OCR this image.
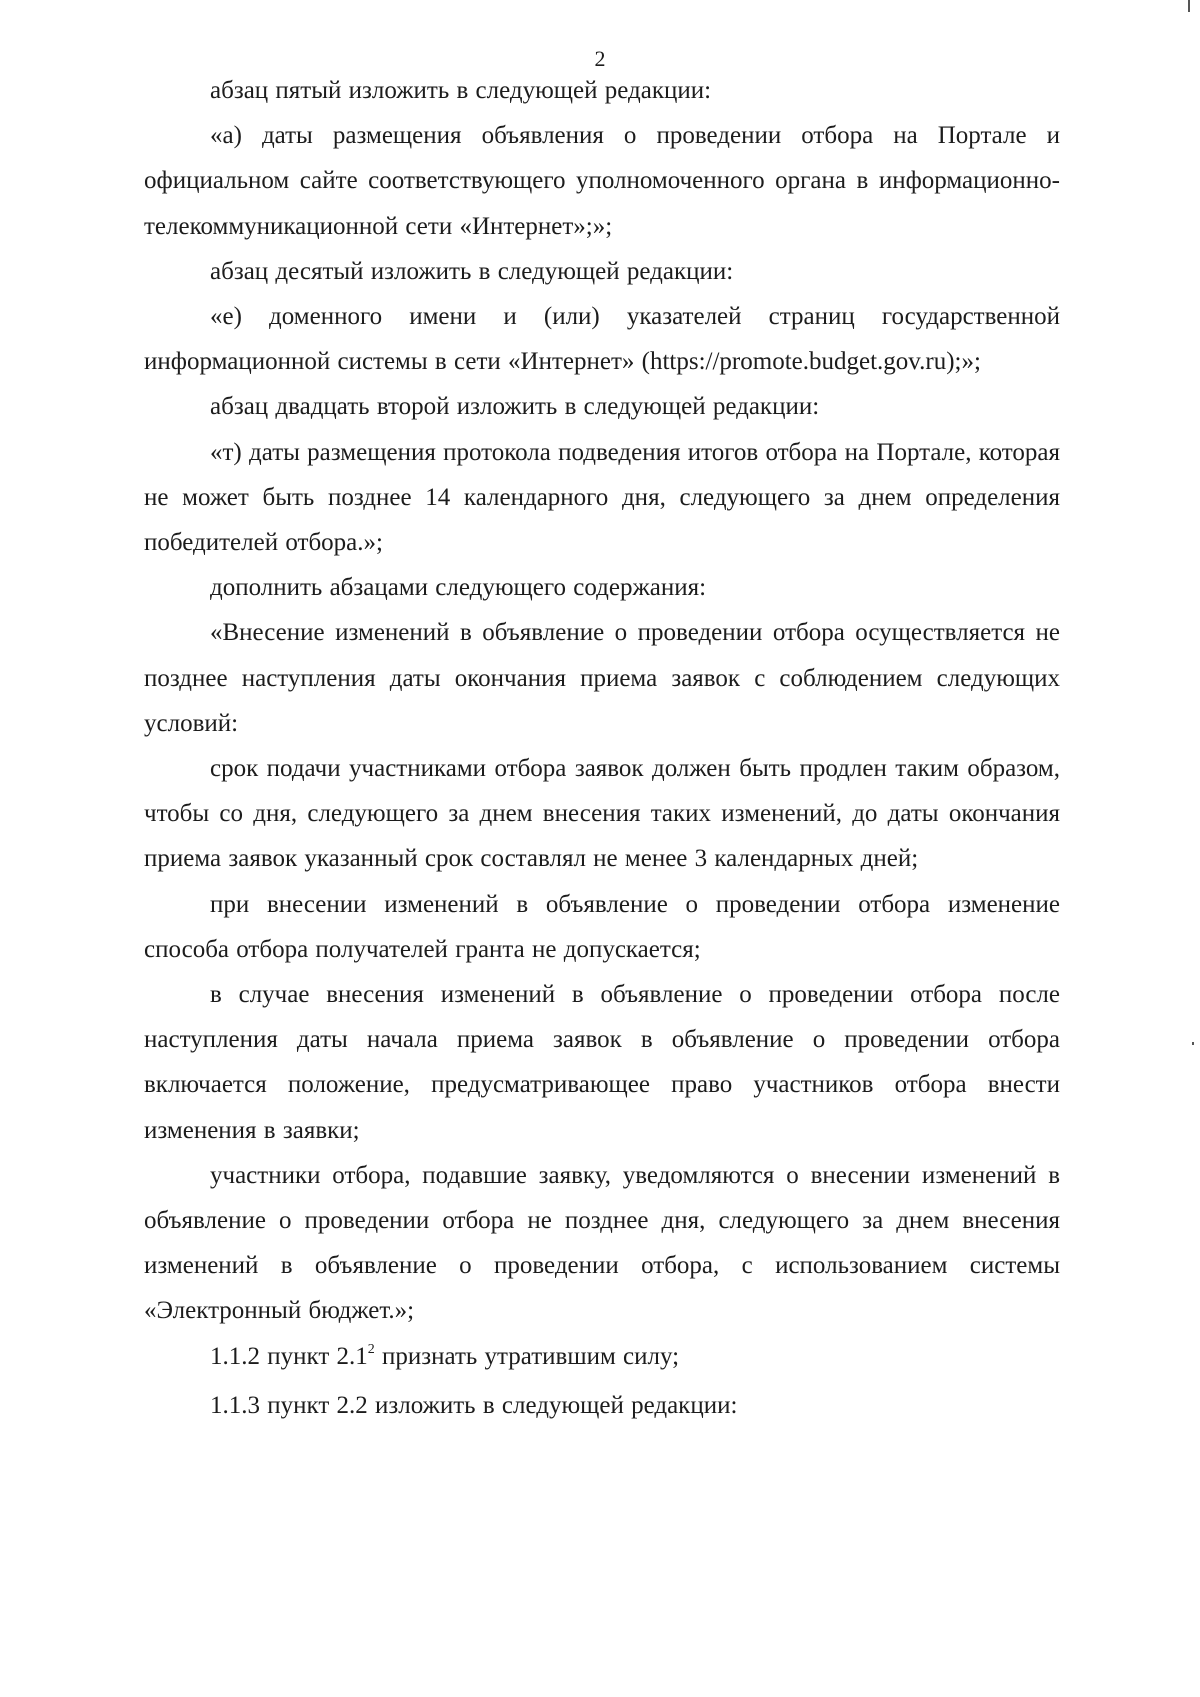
2

абзац пятый изложить в следующей редакции:

«а) даты размещения объявления о проведении отбора на Портале и официальном сайте соответствующего уполномоченного органа в информационно-телекоммуникационной сети «Интернет»;»;

абзац десятый изложить в следующей редакции:

«е) доменного имени и (или) указателей страниц государственной информационной системы в сети «Интернет» (https://promote.budget.gov.ru);»;

абзац двадцать второй изложить в следующей редакции:

«т) даты размещения протокола подведения итогов отбора на Портале, которая не может быть позднее 14 календарного дня, следующего за днем определения победителей отбора.»;

дополнить абзацами следующего содержания:

«Внесение изменений в объявление о проведении отбора осуществляется не позднее наступления даты окончания приема заявок с соблюдением следующих условий:

срок подачи участниками отбора заявок должен быть продлен таким образом, чтобы со дня, следующего за днем внесения таких изменений, до даты окончания приема заявок указанный срок составлял не менее 3 календарных дней;

при внесении изменений в объявление о проведении отбора изменение способа отбора получателей гранта не допускается;

в случае внесения изменений в объявление о проведении отбора после наступления даты начала приема заявок в объявление о проведении отбора включается положение, предусматривающее право участников отбора внести изменения в заявки;

участники отбора, подавшие заявку, уведомляются о внесении изменений в объявление о проведении отбора не позднее дня, следующего за днем внесения изменений в объявление о проведении отбора, с использованием системы «Электронный бюджет.»;

1.1.2 пункт $2.1^2$ признать утратившим силу;

1.1.3 пункт 2.2 изложить в следующей редакции:
